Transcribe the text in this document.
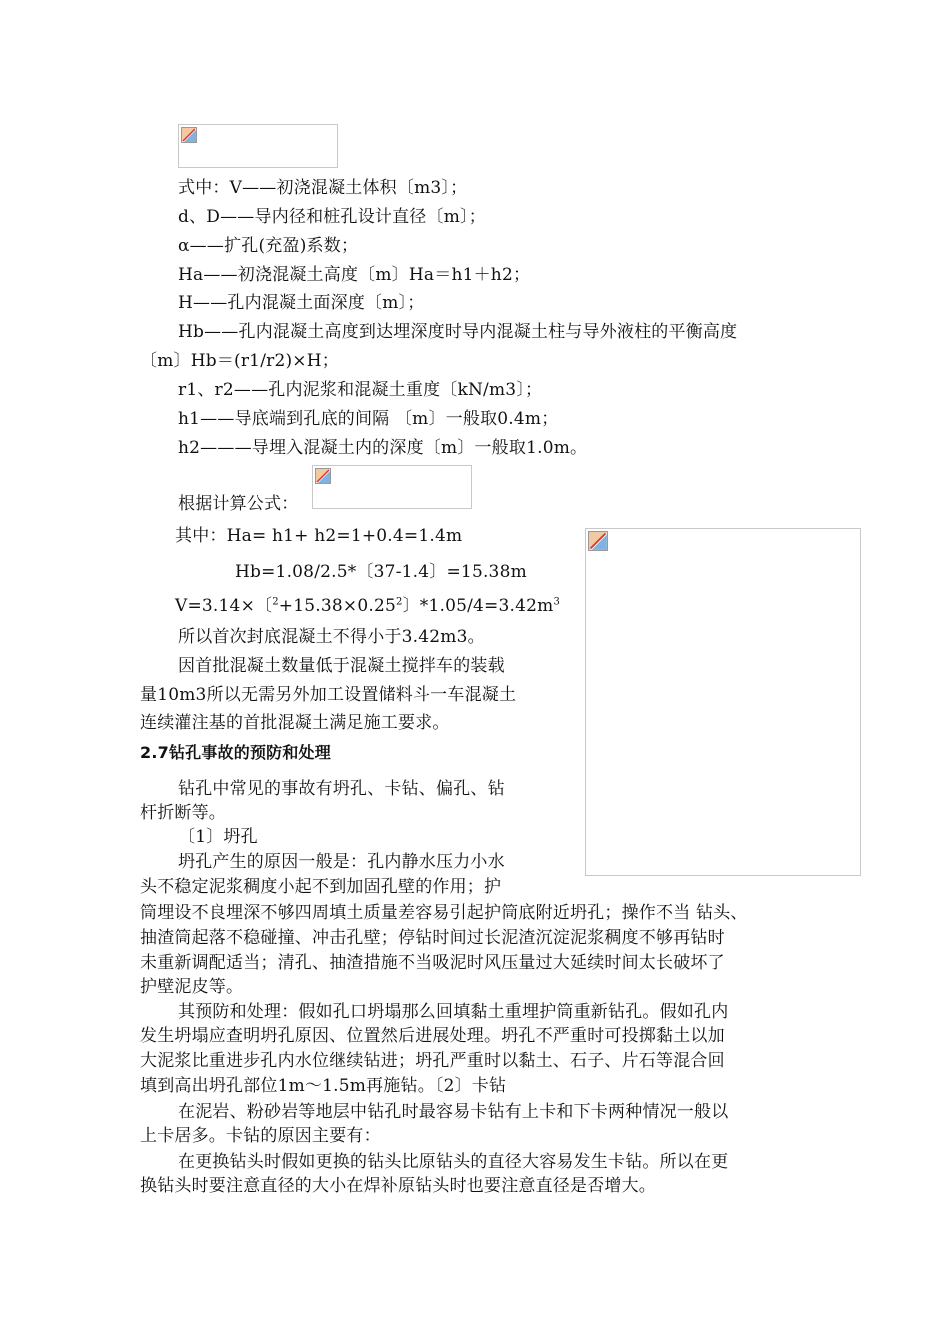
式中：V——初浇混凝土体积〔m3〕；
d、D——导内径和桩孔设计直径〔m〕；
α——扩孔(充盈)系数；
Ha——初浇混凝土高度〔m〕Ha＝h1＋h2；
H——孔内混凝土面深度〔m〕；
Hb——孔内混凝土高度到达埋深度时导内混凝土柱与导外液柱的平衡高度
〔m〕Hb＝(r1/r2)×H；
r1、r2——孔内泥浆和混凝土重度〔kN/m3〕；
h1——导底端到孔底的间隔 〔m〕一般取0.4m；
h2———导埋入混凝土内的深度〔m〕一般取1.0m。
根据计算公式：
其中：Ha= h1+ h2=1+0.4=1.4m
Hb=1.08/2.5*〔37-1.4〕=15.38m
V=3.14×〔$^2+15.38\times 0.25^2$〕$*1.05/4=3.42m^3$
所以首次封底混凝土不得小于3.42m3。
因首批混凝土数量低于混凝土搅拌车的装载
量10m3所以无需另外加工设置储料斗一车混凝土
连续灌注基的首批混凝土满足施工要求。
2.7钻孔事故的预防和处理
钻孔中常见的事故有坍孔、卡钻、偏孔、钻
杆折断等。
〔1〕坍孔
坍孔产生的原因一般是：孔内静水压力小水
头不稳定泥浆稠度小起不到加固孔壁的作用；护
筒埋设不良埋深不够四周填土质量差容易引起护筒底附近坍孔；操作不当 钻头、
抽渣筒起落不稳碰撞、冲击孔壁；停钻时间过长泥渣沉淀泥浆稠度不够再钻时
未重新调配适当；清孔、抽渣措施不当吸泥时风压量过大延续时间太长破坏了
护壁泥皮等。
其预防和处理：假如孔口坍塌那么回填黏土重埋护筒重新钻孔。假如孔内
发生坍塌应查明坍孔原因、位置然后进展处理。坍孔不严重时可投掷黏土以加
大泥浆比重进步孔内水位继续钻进；坍孔严重时以黏土、石子、片石等混合回
填到高出坍孔部位1m～1.5m再施钻。〔2〕卡钻
在泥岩、粉砂岩等地层中钻孔时最容易卡钻有上卡和下卡两种情况一般以
上卡居多。卡钻的原因主要有：
在更换钻头时假如更换的钻头比原钻头的直径大容易发生卡钻。所以在更
换钻头时要注意直径的大小在焊补原钻头时也要注意直径是否增大。
